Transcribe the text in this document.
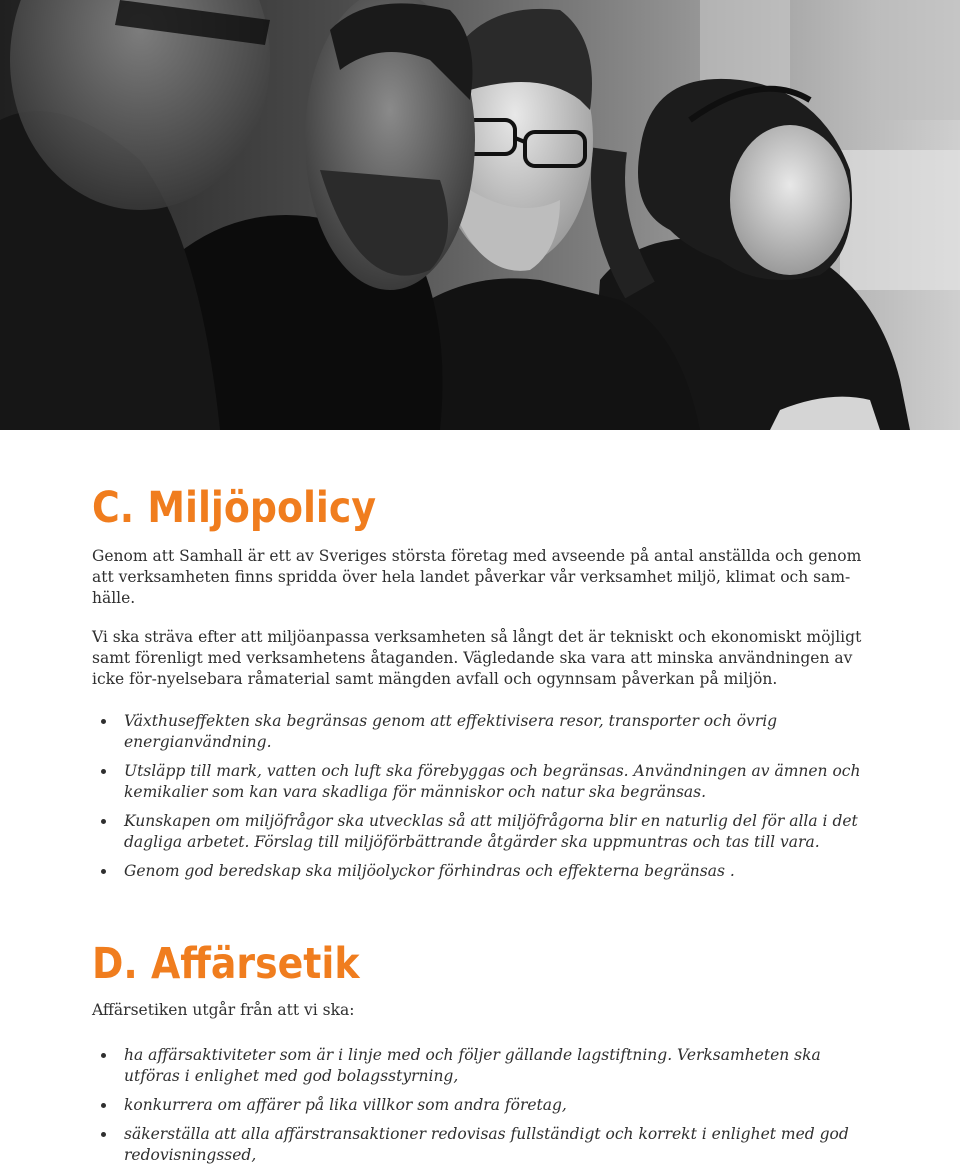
C. Miljöpolicy

Genom att Samhall är ett av Sveriges största företag med avseende på antal anställda och genom att verksamheten finns spridda över hela landet påverkar vår verksamhet miljö, klimat och samhälle.

Vi ska sträva efter att miljöanpassa verksamheten så långt det är tekniskt och ekonomiskt möjligt samt förenligt med verksamhetens åtaganden. Vägledande ska vara att minska användningen av icke för-nyelsebara råmaterial samt mängden avfall och ogynnsam påverkan på miljön.

Växthuseffekten ska begränsas genom att effektivisera resor, transporter och övrig energianvändning.
Utsläpp till mark, vatten och luft ska förebyggas och begränsas. Användningen av ämnen och kemikalier som kan vara skadliga för människor och natur ska begränsas.
Kunskapen om miljöfrågor ska utvecklas så att miljöfrågorna blir en naturlig del för alla i det dagliga arbetet. Förslag till miljöförbättrande åtgärder ska uppmuntras och tas till vara.
Genom god beredskap ska miljöolyckor förhindras och effekterna begränsas .
D. Affärsetik

Affärsetiken utgår från att vi ska:

ha affärsaktiviteter som är i linje med och följer gällande lagstiftning. Verksamheten ska utföras i enlighet med god bolagsstyrning,
konkurrera om affärer på lika villkor som andra företag,
säkerställa att alla affärstransaktioner redovisas fullständigt och korrekt i enlighet med god redovisningssed,
